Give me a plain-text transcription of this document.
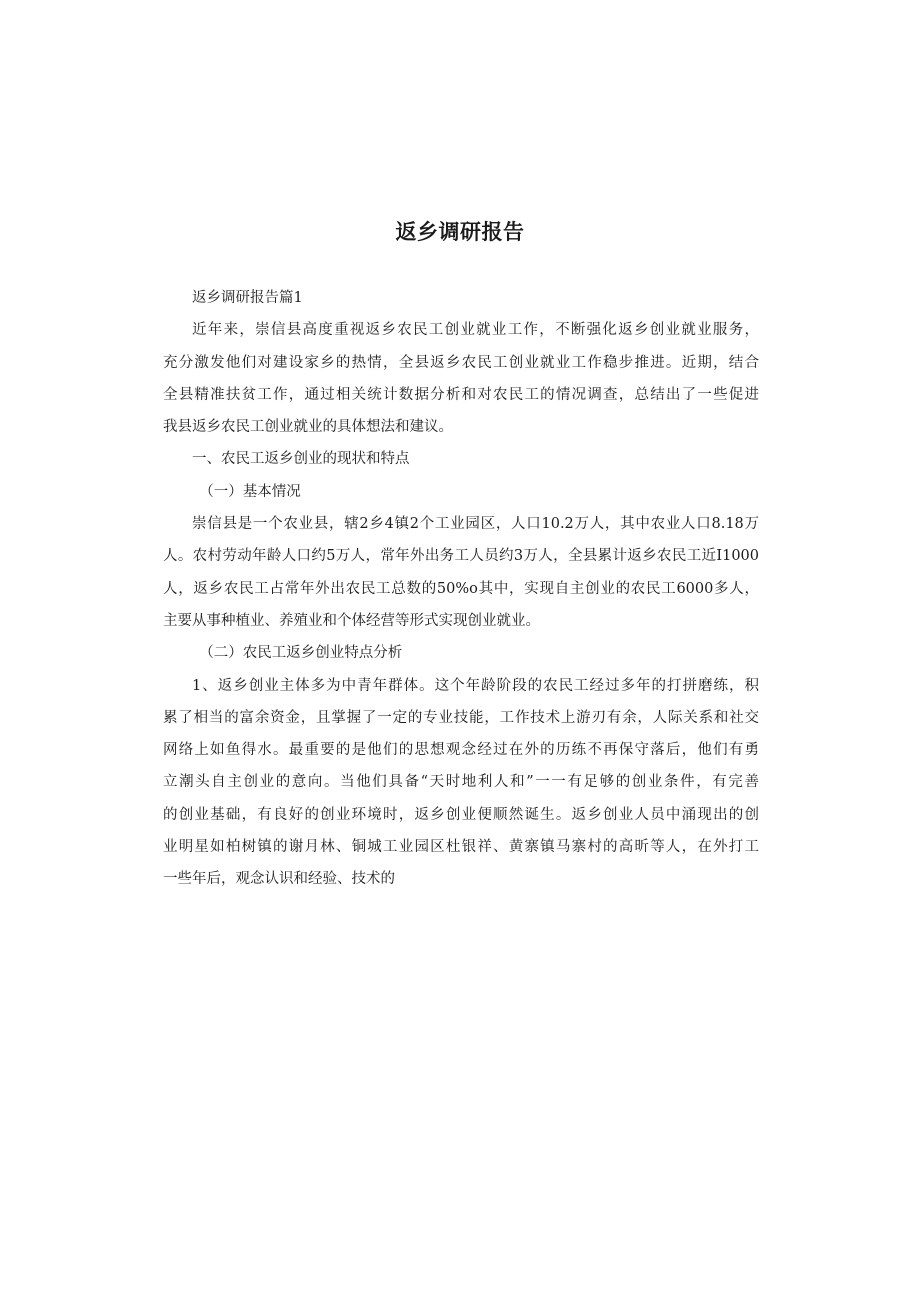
返乡调研报告

返乡调研报告篇1

近年来，崇信县高度重视返乡农民工创业就业工作，不断强化返乡创业就业服务，
充分激发他们对建设家乡的热情，全县返乡农民工创业就业工作稳步推进。近期，结合
全县精准扶贫工作，通过相关统计数据分析和对农民工的情况调查，总结出了一些促进
我县返乡农民工创业就业的具体想法和建议。

一、农民工返乡创业的现状和特点

（一）基本情况

崇信县是一个农业县，辖2乡4镇2个工业园区，人口10.2万人，其中农业人口8.18万
人。农村劳动年龄人口约5万人，常年外出务工人员约3万人，全县累计返乡农民工近I1000
人，返乡农民工占常年外出农民工总数的50%o其中，实现自主创业的农民工6000多人，
主要从事种植业、养殖业和个体经营等形式实现创业就业。

（二）农民工返乡创业特点分析

1、返乡创业主体多为中青年群体。这个年龄阶段的农民工经过多年的打拼磨练，积
累了相当的富余资金，且掌握了一定的专业技能，工作技术上游刃有余，人际关系和社交
网络上如鱼得水。最重要的是他们的思想观念经过在外的历练不再保守落后，他们有勇
立潮头自主创业的意向。当他们具备“天时地利人和”一一有足够的创业条件，有完善
的创业基础，有良好的创业环境时，返乡创业便顺然诞生。返乡创业人员中涌现出的创
业明星如柏树镇的谢月林、铜城工业园区杜银祥、黄寨镇马寨村的高昕等人，在外打工
一些年后，观念认识和经验、技术的
